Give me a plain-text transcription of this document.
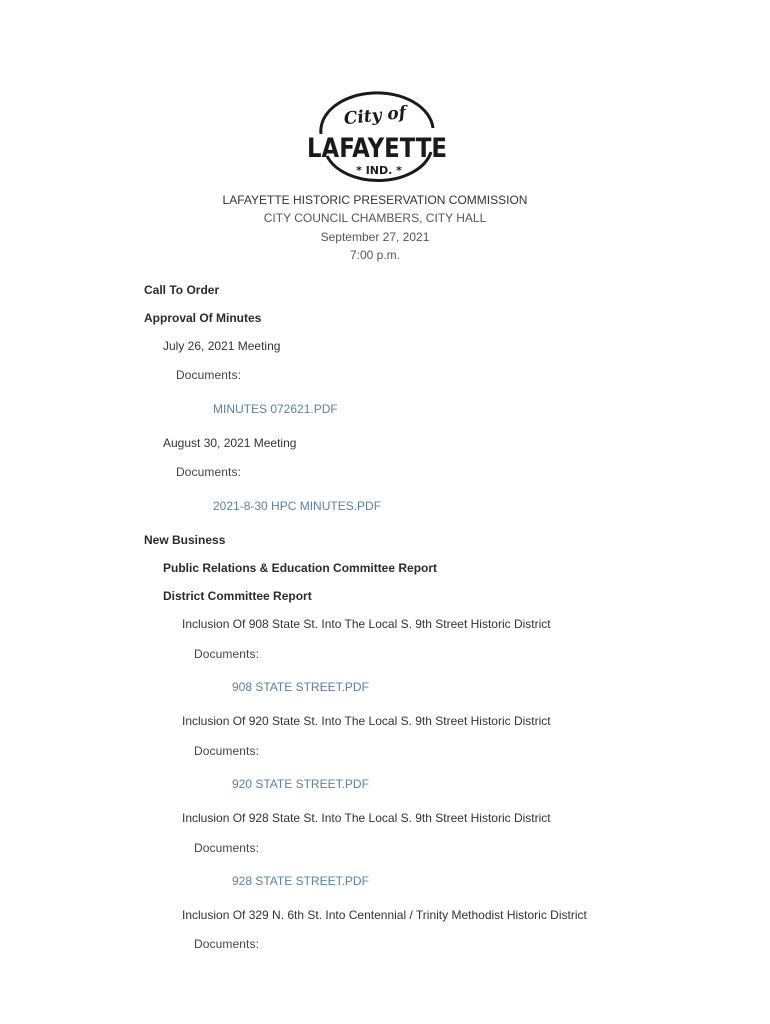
City of
LAFAYETTE
* IND. *
LAFAYETTE HISTORIC PRESERVATION COMMISSION
CITY COUNCIL CHAMBERS, CITY HALL
September 27, 2021
7:00 p.m.
Call To Order
Approval Of Minutes
July 26, 2021 Meeting
Documents:
MINUTES 072621.PDF
August 30, 2021 Meeting
Documents:
2021-8-30 HPC MINUTES.PDF
New Business
Public Relations & Education Committee Report
District Committee Report
Inclusion Of 908 State St. Into The Local S. 9th Street Historic District
Documents:
908 STATE STREET.PDF
Inclusion Of 920 State St. Into The Local S. 9th Street Historic District
Documents:
920 STATE STREET.PDF
Inclusion Of 928 State St. Into The Local S. 9th Street Historic District
Documents:
928 STATE STREET.PDF
Inclusion Of 329 N. 6th St. Into Centennial / Trinity Methodist Historic District
Documents:
